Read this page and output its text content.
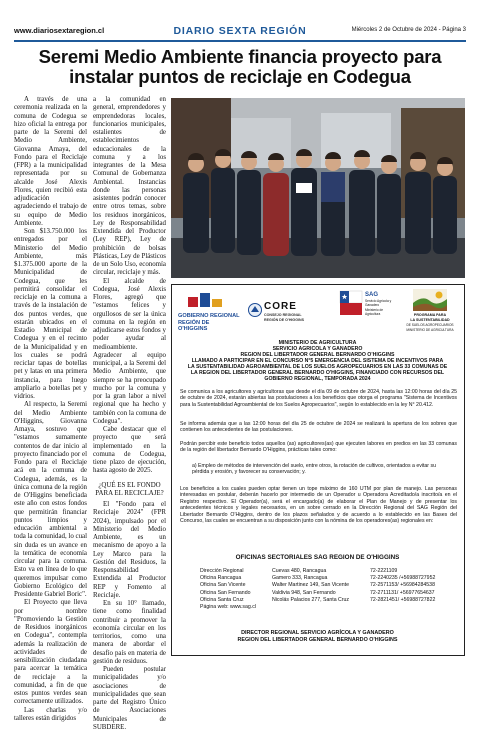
www.diariosextaregion.cl	DIARIO SEXTA REGIÓN	Miércoles 2 de Octubre de 2024 - Página 3
Seremi Medio Ambiente financia proyecto para instalar puntos de reciclaje en Codegua

A través de una ceremonia realizada en la comuna de Codegua se hizo oficial la entrega por parte de la Seremi del Medio Ambiente, Giovanna Amaya, del Fondo para el Reciclaje (FPR) a la municipalidad representada por su alcalde José Alexis Flores, quien recibió esta adjudicación agradeciendo el trabajo de su equipo de Medio Ambiente.

Son $13.750.000 los entregados por el Ministerio del Medio Ambiente, más $1.375.000 aporte de la Municipalidad de Codegua, que les permitirá consolidar el reciclaje en la comuna a través de la instalación de dos puntos verdes, que estarán ubicados en el Estadio Municipal de Codegua y en el recinto de la Municipalidad y en los cuales se podrá reciclar tapas de botellas pet y latas en una primera instancia, para luego ampliarlo a botellas pet y vidrios.

Al respecto, la Seremi del Medio Ambiente O'Higgins, Giovanna Amaya, sostuvo que "estamos sumamente contentos de dar inicio al proyecto financiado por el Fondo para el Reciclaje acá en la comuna de Codegua, además, es la única comuna de la región de O'Higgins beneficiada este año con estos fondos que permitirán financiar puntos limpios y educación ambiental a toda la comunidad, lo cual sin duda es un avance en la temática de economía circular para la comuna. Esto va en línea de lo que queremos impulsar como Gobierno Ecológico del Presidente Gabriel Boric".

El Proyecto que lleva por nombre "Promoviendo la Gestión de Residuos inorgánicos en Codegua", contempla además la realización de actividades de sensibilización ciudadana para acercar la temática de reciclaje a la comunidad, a fin de que estos puntos verdes sean correctamente utilizados.

Las charlas y/o talleres están dirigidos

a la comunidad en general, emprendedores y emprendedoras locales, funcionarios municipales, estalientes de establecimientos educacionales de la comuna y a los integrantes de la Mesa Comunal de Gobernanza Ambiental. Instancias donde las personas asistentes podrán conocer entre otros temas, sobre los residuos inorgánicos, Ley de Responsabilidad Extendida del Productor (Ley REP), Ley de prohibición de bolsas Plásticas, Ley de Plásticos de un Solo Uso, economía circular, reciclaje y más.

El alcalde de Codegua, José Alexis Flores, agregó que "estamos felices y orgullosos de ser la única comuna en la región en adjudicarse estos fondos y poder ayudar al medioambiente. Agradecer al equipo municipal, a la Seremi del Medio Ambiente, que siempre se ha preocupado mucho por la comuna y por la gran labor a nivel regional que ha hecho y también con la comuna de Codegua".

Cabe destacar que el proyecto que será implementado en la comuna de Codegua, tiene plazo de ejecución, hasta agosto de 2025.

¿QUÉ ES EL FONDO PARA EL RECICLAJE?

El "Fondo para el Reciclaje 2024" (FPR 2024), impulsado por el Ministerio del Medio Ambiente, es un mecanismo de apoyo a la Ley Marco para la Gestión del Residuos, la Responsabilidad Extendida al Productor REP y Fomento al Reciclaje.

En su 10° llamado, tiene como finalidad contribuir a promover la economía circular en los territorios, como una manera de abordar el desafío país en materia de gestión de residuos.

Pueden postular municipalidades y/o asociaciones de municipalidades que sean parte del Registro Único de Asociaciones Municipales de SUBDERE.

GOBIERNO REGIONAL
REGIÓN DE O'HIGGINS
CORE
CONSEJO REGIONAL
REGIÓN DE O'HIGGINS
SAG
Servicio Agrícola y Ganadero
Ministerio de Agricultura	PROGRAMA PARA
LA SUSTENTABILIDAD
DE SUELOS AGROPECUARIOS
MINISTERIO DE AGRICULTURA
MINISTERIO DE AGRICULTURA
SERVICIO AGRICOLA Y GANADERO
REGION DEL LIBERTADOR GENERAL BERNARDO O'HIGGINS
LLAMADO A PARTICIPAR EN EL CONCURSO N°5 EMERGENCIA DEL SISTEMA DE INCENTIVOS PARA
LA SUSTENTABILIDAD AGROAMBIENTAL DE LOS SUELOS AGROPECUARIOS EN LAS 33 COMUNAS DE
LA REGION DEL LIBERTADOR GENERAL BERNARDO O'HIGGINS, FINANCIADO CON RECURSOS DEL
GOBIERNO REGIONAL, TEMPORADA 2024
Se comunica a los agricultores y agricultoras que desde el día 09 de octubre de 2024, hasta las 12:00 horas del día 25 de octubre de 2024, estarán abiertas las postulaciones a los beneficios que otorga el programa "Sistema de Incentivos para la Sustentabilidad Agroambiental de los Suelos Agropecuarios", según lo establecido en la ley N° 20.412.
Se informa además que a las 12:00 horas del día 25 de octubre de 2024 se realizará la apertura de los sobres que contienen los antecedentes de las postulaciones.
Podrán percibir este beneficio todos aquellos (as) agricultores(as) que ejecuten labores en predios en las 33 comunas de la región del libertador Bernardo O'Higgins, prácticas tales como:
a) Empleo de métodos de intervención del suelo, entre otros, la rotación de cultivos, orientados a evitar su pérdida y erosión, y favorecer su conservación; y.
Los beneficios a los cuales pueden optar tienen un tope máximo de 160 UTM por plan de manejo. Las personas interesadas en postular, deberán hacerlo por intermedio de un Operador u Operadora Acreditado/a inscrito/a en el Registro respectivo. El Operador(a), será el encargado(a) de elaborar el Plan de Manejo y de presentar los antecedentes técnicos y legales necesarios, en un sobre cerrado en la Dirección Regional del SAG Región del Libertador Bernardo O'Higgins, dentro de los plazos señalados y de acuerdo a lo establecido en las Bases del Concurso, las cuales se encuentran a su disposición junto con la nómina de los operadores(as) regionales en:
OFICINAS SECTORIALES SAG REGION DE O'HIGGINS
Dirección Regional	Cuevas 480, Rancagua	72-2221109
Oficina Rancagua	Gamero 333, Rancagua	72-2240235 /+56988727952
Oficina San Vicente	Walter Martinez 149, San Vicente	72-2571153/ +56984284538
Oficina San Fernando	Valdivia 948, San Fernando	72-2711131/ +56977654637
Oficina Santa Cruz	Nicolás Palacios 277, Santa Cruz	72-2821451/ +56988727822
Página web: www.sag.cl
DIRECTOR REGIONAL SERVICIO AGRÍCOLA Y GANADERO
REGION DEL LIBERTADOR GENERAL BERNARDO O'HIGGINS
